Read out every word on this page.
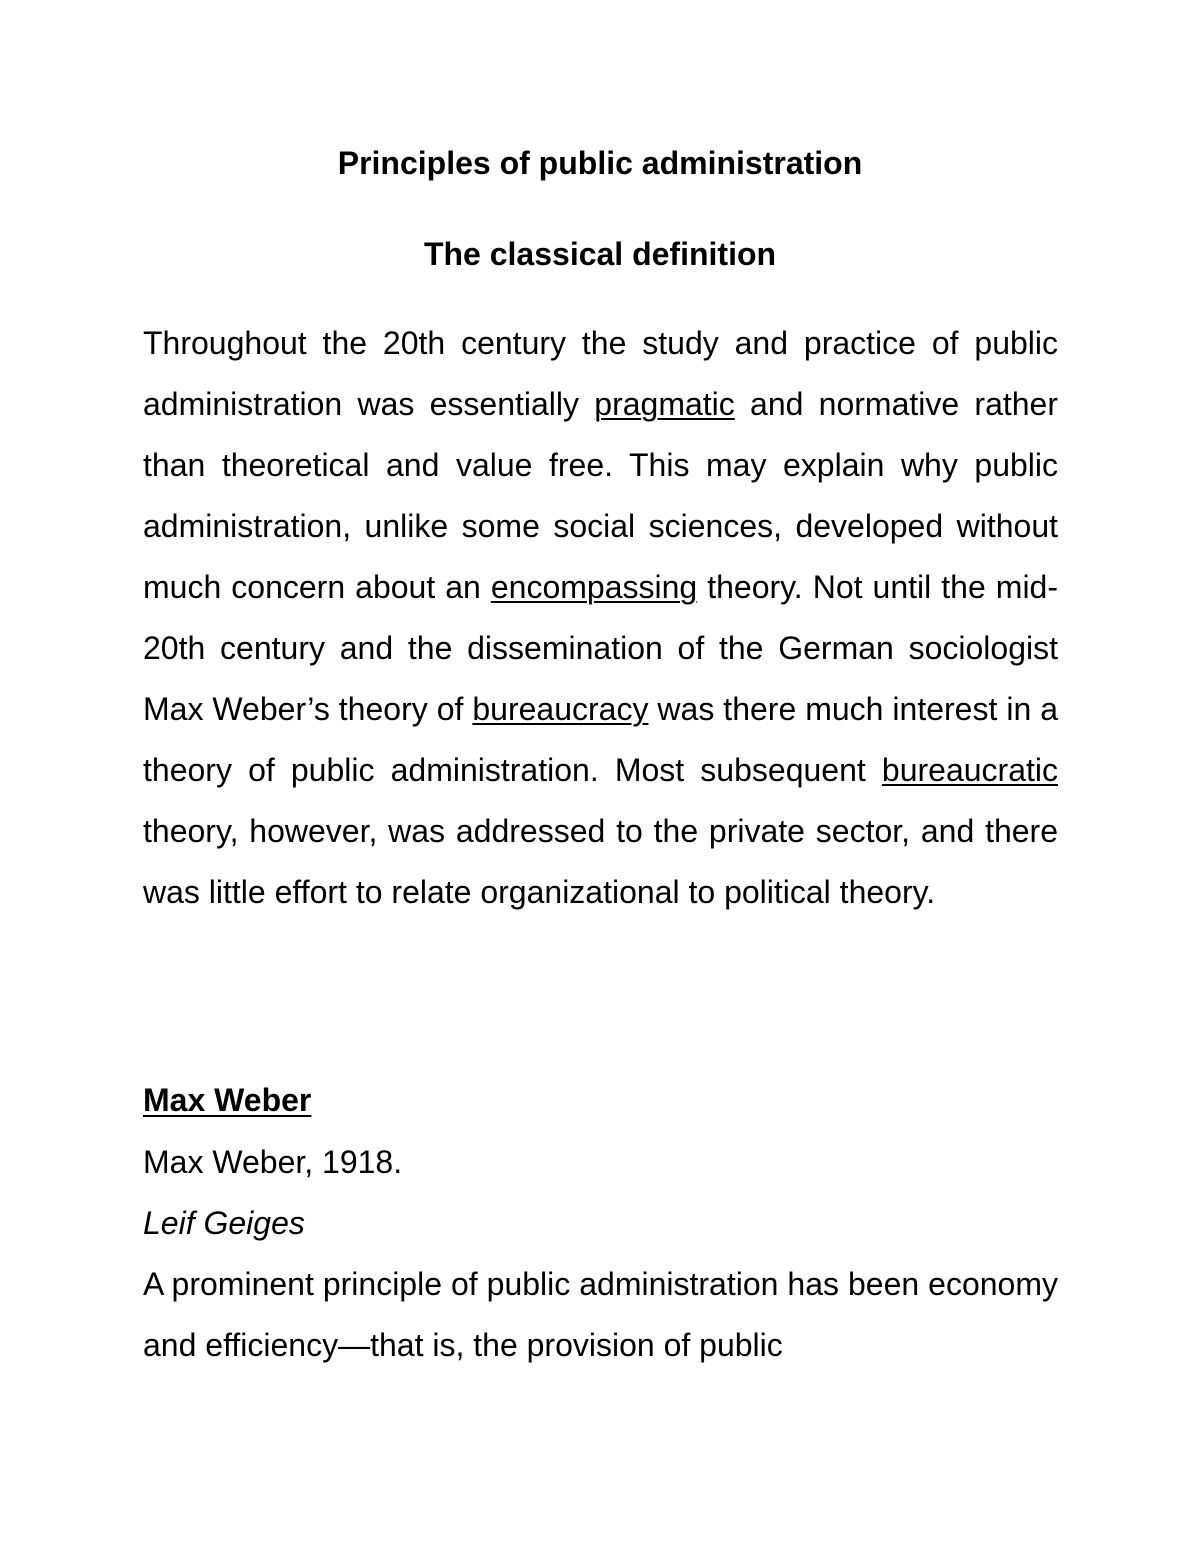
Principles of public administration
The classical definition

Throughout the 20th century the study and practice of public administration was essentially pragmatic and normative rather than theoretical and value free. This may explain why public administration, unlike some social sciences, developed without much concern about an encompassing theory. Not until the mid-20th century and the dissemination of the German sociologist Max Weber’s theory of bureaucracy was there much interest in a theory of public administration. Most subsequent bureaucratic theory, however, was addressed to the private sector, and there was little effort to relate organizational to political theory.

Max Weber

Max Weber, 1918.

Leif Geiges

A prominent principle of public administration has been economy and efficiency—that is, the provision of public
